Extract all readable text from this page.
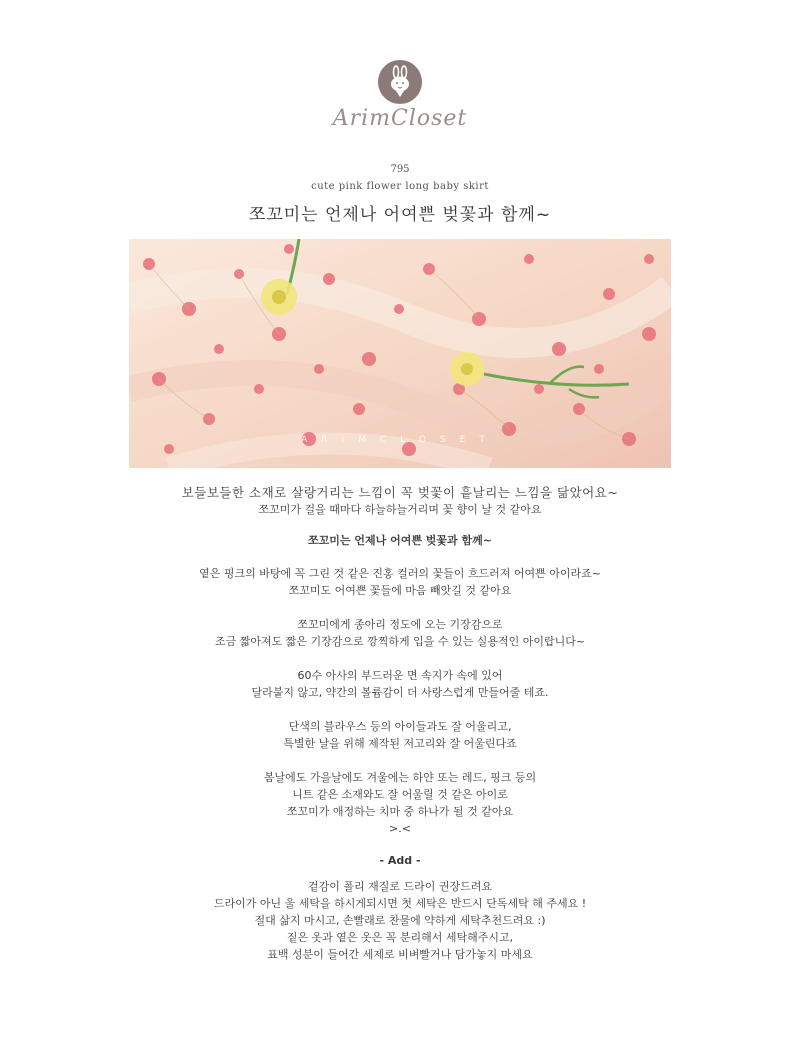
ArimCloset
795
cute pink flower long baby skirt
쪼꼬미는 언제나 어여쁜 벚꽃과 함께~
ARIMCLOSET

보들보들한 소재로 살랑거리는 느낌이 꼭 벚꽃이 흩날리는 느낌을 닮았어요~

쪼꼬미가 걸을 때마다 하늘하늘거리며 꽃 향이 날 것 같아요

쪼꼬미는 언제나 어여쁜 벚꽃과 함께~

옅은 핑크의 바탕에 꼭 그린 것 같은 진홍 컬러의 꽃들이 흐드러져 어여쁜 아이라죠~

쪼꼬미도 어여쁜 꽃들에 마음 빼앗길 것 같아요

쪼꼬미에게 종아리 정도에 오는 기장감으로

조금 짧아져도 짧은 기장감으로 깡찍하게 입을 수 있는 실용적인 아이랍니다~

60수 아사의 부드러운 면 속지가 속에 있어

달라붙지 않고, 약간의 볼륨감이 더 사랑스럽게 만들어줄 테죠.

단색의 블라우스 등의 아이들과도 잘 어울리고,

특별한 날을 위해 제작된 저고리와 잘 어울린다죠

봄날에도 가을날에도 겨울에는 하얀 또는 레드, 핑크 등의

니트 같은 소재와도 잘 어울릴 것 같은 아이로

쪼꼬미가 애정하는 치마 중 하나가 될 것 같아요

>.<

- Add -

겉감이 폴리 재질로 드라이 권장드려요

드라이가 아닌 울 세탁을 하시게되시면 첫 세탁은 반드시 단독세탁 해 주세요 !

절대 삶지 마시고, 손빨래로 찬물에 약하게 세탁추천드려요 :)

짙은 옷과 옅은 옷은 꼭 분리해서 세탁해주시고,

표백 성분이 들어간 세제로 비벼빨거나 담가놓지 마세요
